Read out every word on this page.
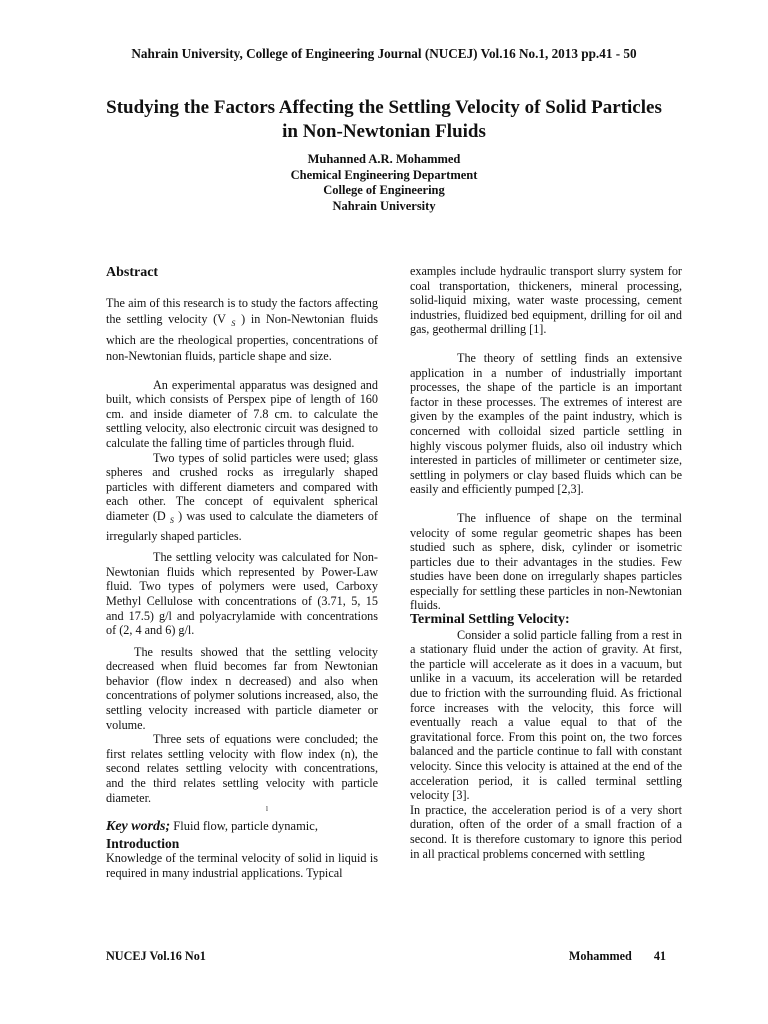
Nahrain University, College of Engineering Journal (NUCEJ) Vol.16 No.1, 2013 pp.41 - 50
Studying the Factors Affecting the Settling Velocity of Solid Particles in Non-Newtonian Fluids
Muhanned A.R. Mohammed
Chemical Engineering Department
College of Engineering
Nahrain University

Abstract

The aim of this research is to study the factors affecting the settling velocity (V $_S$ ) in Non-Newtonian fluids which are the rheological properties, concentrations of non-Newtonian fluids, particle shape and size.

An experimental apparatus was designed and built, which consists of Perspex pipe of length of 160 cm. and inside diameter of 7.8 cm. to calculate the settling velocity, also electronic circuit was designed to calculate the falling time of particles through fluid.

Two types of solid particles were used; glass spheres and crushed rocks as irregularly shaped particles with different diameters and compared with each other. The concept of equivalent spherical diameter (D $_S$ ) was used to calculate the diameters of irregularly shaped particles.

The settling velocity was calculated for Non-Newtonian fluids which represented by Power-Law fluid. Two types of polymers were used, Carboxy Methyl Cellulose with concentrations of (3.71, 5, 15 and 17.5) g/l and polyacrylamide with concentrations of (2, 4 and 6) g/l.

The results showed that the settling velocity decreased when fluid becomes far from Newtonian behavior (flow index n decreased) and also when concentrations of polymer solutions increased, also, the settling velocity increased with particle diameter or volume.

Three sets of equations were concluded; the first relates settling velocity with flow index (n), the second relates settling velocity with concentrations, and the third relates settling velocity with particle diameter.

l

Key words; Fluid flow, particle dynamic,

Introduction

Knowledge of the terminal velocity of solid in liquid is required in many industrial applications. Typical

examples include hydraulic transport slurry system for coal transportation, thickeners, mineral processing, solid-liquid mixing, water waste processing, cement industries, fluidized bed equipment, drilling for oil and gas, geothermal drilling [1].

The theory of settling finds an extensive application in a number of industrially important processes, the shape of the particle is an important factor in these processes. The extremes of interest are given by the examples of the paint industry, which is concerned with colloidal sized particle settling in highly viscous polymer fluids, also oil industry which interested in particles of millimeter or centimeter size, settling in polymers or clay based fluids which can be easily and efficiently pumped [2,3].

The influence of shape on the terminal velocity of some regular geometric shapes has been studied such as sphere, disk, cylinder or isometric particles due to their advantages in the studies. Few studies have been done on irregularly shapes particles especially for settling these particles in non-Newtonian fluids.

Terminal Settling Velocity:

Consider a solid particle falling from a rest in a stationary fluid under the action of gravity. At first, the particle will accelerate as it does in a vacuum, but unlike in a vacuum, its acceleration will be retarded due to friction with the surrounding fluid. As frictional force increases with the velocity, this force will eventually reach a value equal to that of the gravitational force. From this point on, the two forces balanced and the particle continue to fall with constant velocity. Since this velocity is attained at the end of the acceleration period, it is called terminal settling velocity [3].

In practice, the acceleration period is of a very short duration, often of the order of a small fraction of a second. It is therefore customary to ignore this period in all practical problems concerned with settling

NUCEJ Vol.16 No1	Mohammed 41
